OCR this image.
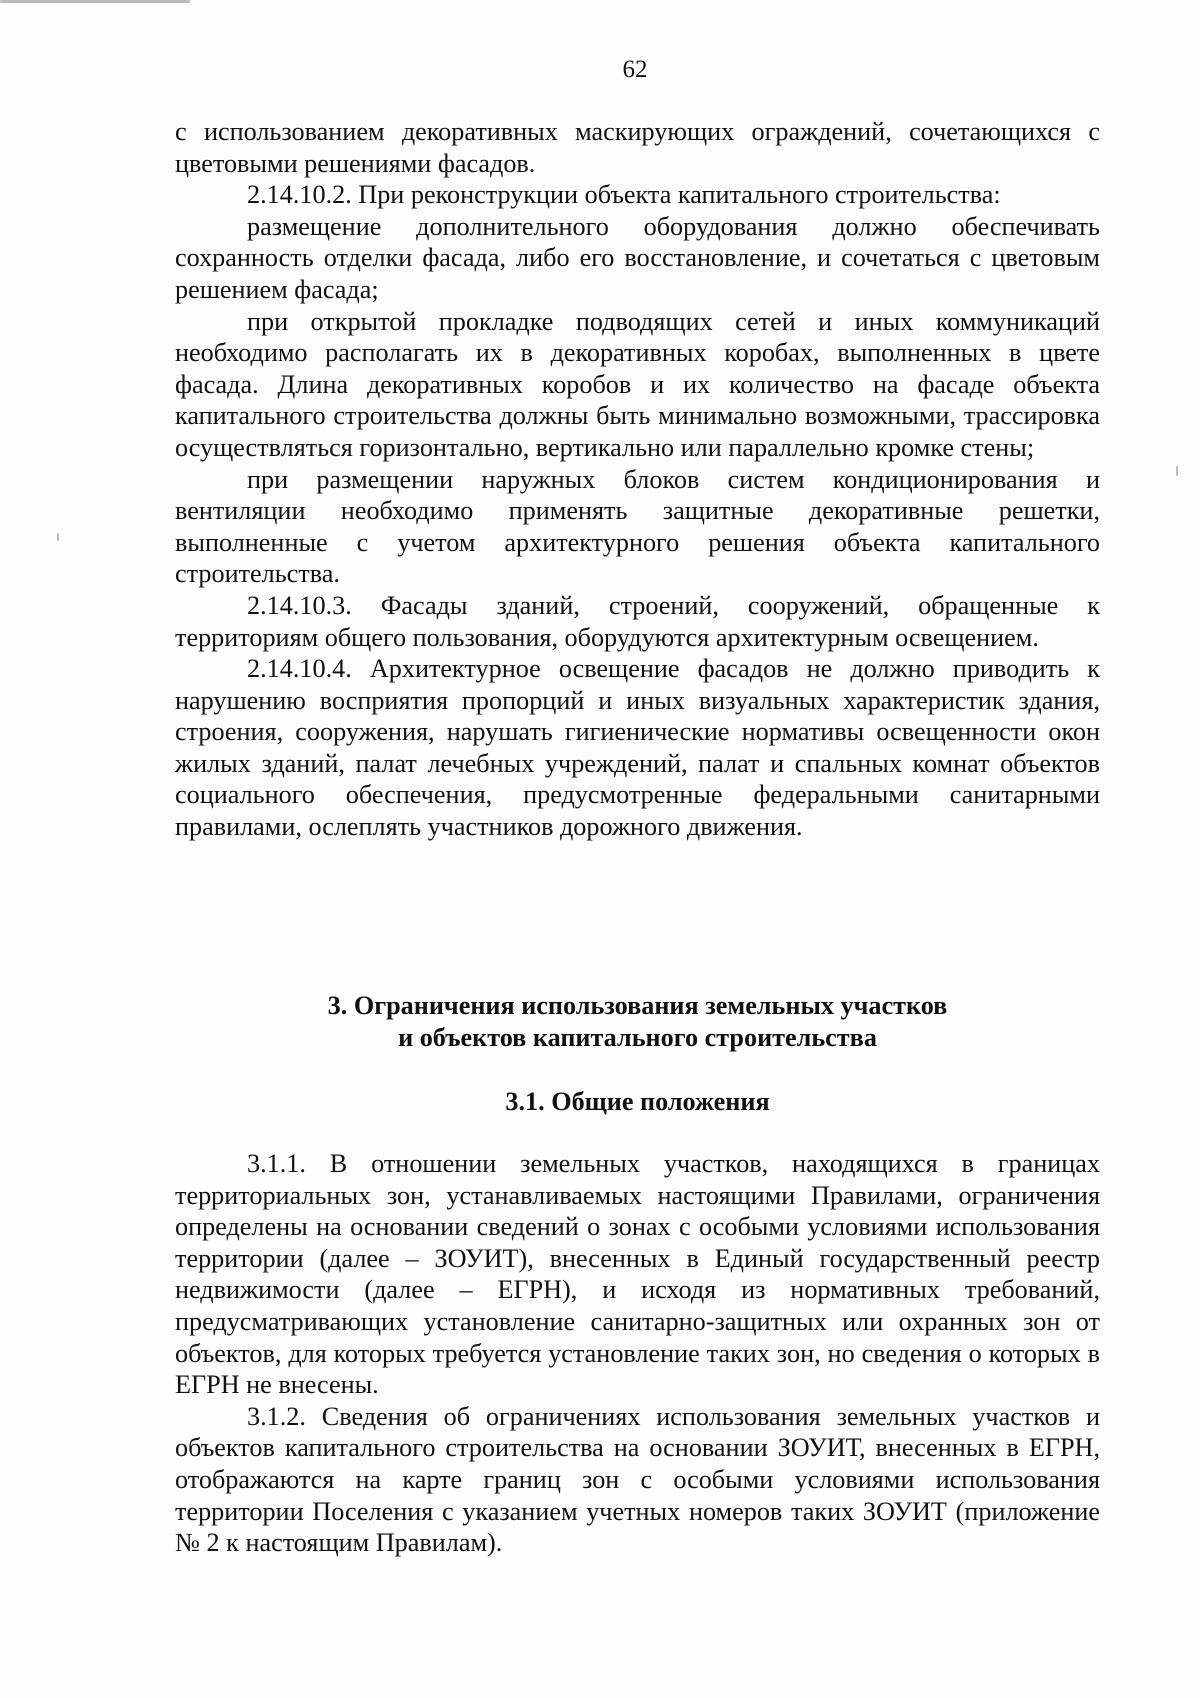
62

с использованием декоративных маскирующих ограждений, сочетающихся с цветовыми решениями фасадов.

2.14.10.2. При реконструкции объекта капитального строительства:

размещение дополнительного оборудования должно обеспечивать сохранность отделки фасада, либо его восстановление, и сочетаться с цветовым решением фасада;

при открытой прокладке подводящих сетей и иных коммуникаций необходимо располагать их в декоративных коробах, выполненных в цвете фасада. Длина декоративных коробов и их количество на фасаде объекта капитального строительства должны быть минимально возможными, трассировка осуществляться горизонтально, вертикально или параллельно кромке стены;

при размещении наружных блоков систем кондиционирования и вентиляции необходимо применять защитные декоративные решетки, выполненные с учетом архитектурного решения объекта капитального строительства.

2.14.10.3. Фасады зданий, строений, сооружений, обращенные к территориям общего пользования, оборудуются архитектурным освещением.

2.14.10.4. Архитектурное освещение фасадов не должно приводить к нарушению восприятия пропорций и иных визуальных характеристик здания, строения, сооружения, нарушать гигиенические нормативы освещенности окон жилых зданий, палат лечебных учреждений, палат и спальных комнат объектов социального обеспечения, предусмотренные федеральными санитарными правилами, ослеплять участников дорожного движения.

3. Ограничения использования земельных участков
и объектов капитального строительства
3.1. Общие положения

3.1.1. В отношении земельных участков, находящихся в границах территориальных зон, устанавливаемых настоящими Правилами, ограничения определены на основании сведений о зонах с особыми условиями использования территории (далее – ЗОУИТ), внесенных в Единый государственный реестр недвижимости (далее – ЕГРН), и исходя из нормативных требований, предусматривающих установление санитарно-защитных или охранных зон от объектов, для которых требуется установление таких зон, но сведения о которых в ЕГРН не внесены.

3.1.2. Сведения об ограничениях использования земельных участков и объектов капитального строительства на основании ЗОУИТ, внесенных в ЕГРН, отображаются на карте границ зон с особыми условиями использования территории Поселения с указанием учетных номеров таких ЗОУИТ (приложение № 2 к настоящим Правилам).
